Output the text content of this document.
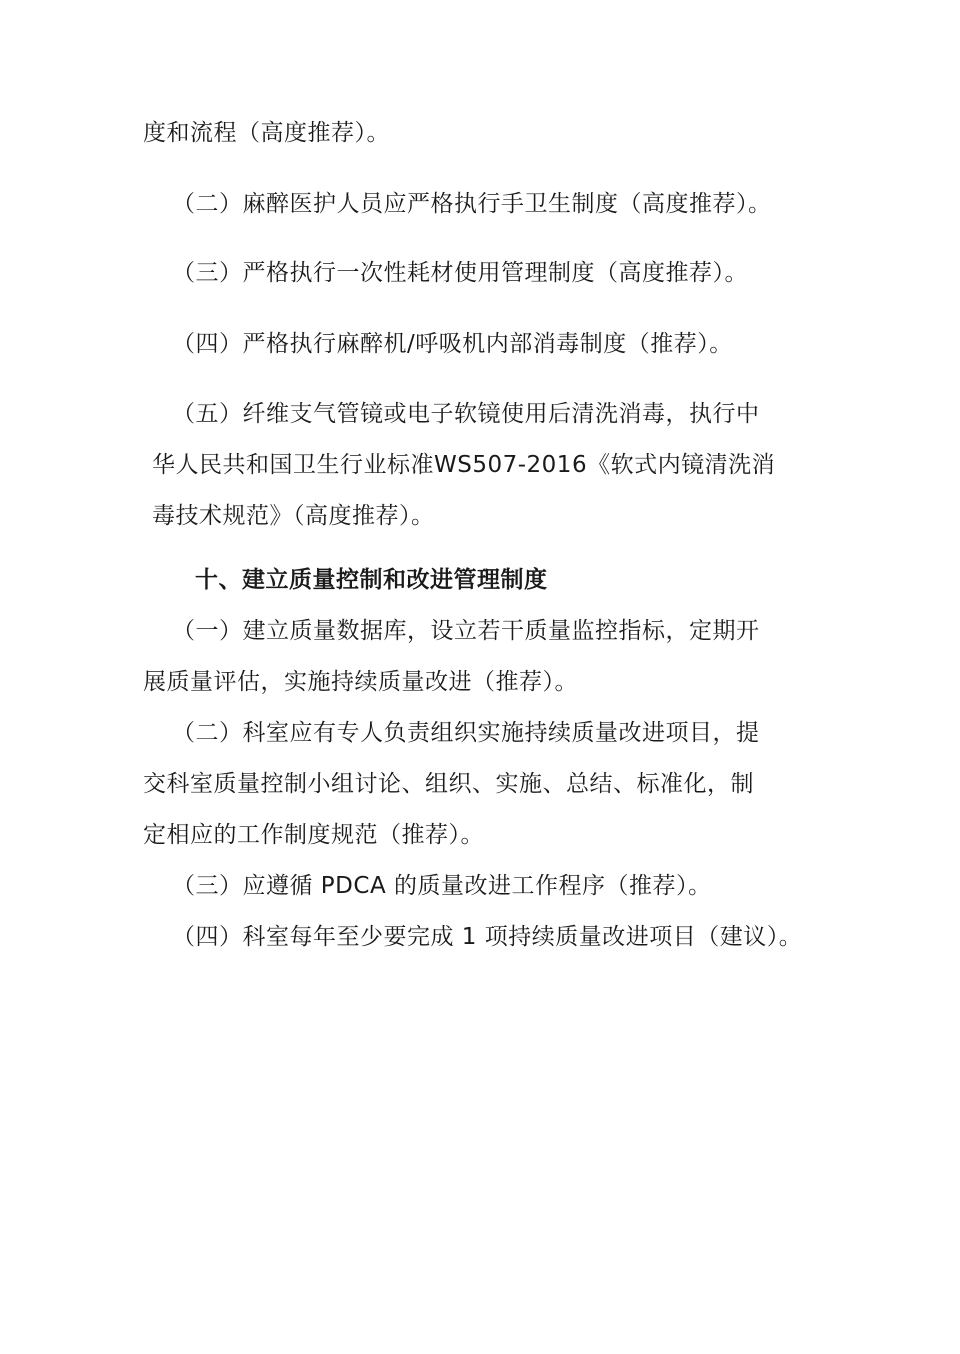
度和流程（高度推荐）。
（二）麻醉医护人员应严格执行手卫生制度（高度推荐）。
（三）严格执行一次性耗材使用管理制度（高度推荐）。
（四）严格执行麻醉机/呼吸机内部消毒制度（推荐）。
（五）纤维支气管镜或电子软镜使用后清洗消毒，执行中
华人民共和国卫生行业标准WS507-2016《软式内镜清洗消
毒技术规范》（高度推荐）。
十、建立质量控制和改进管理制度
（一）建立质量数据库，设立若干质量监控指标，定期开
展质量评估，实施持续质量改进（推荐）。
（二）科室应有专人负责组织实施持续质量改进项目，提
交科室质量控制小组讨论、组织、实施、总结、标准化，制
定相应的工作制度规范（推荐）。
（三）应遵循 PDCA 的质量改进工作程序（推荐）。
（四）科室每年至少要完成 1 项持续质量改进项目（建议）。
